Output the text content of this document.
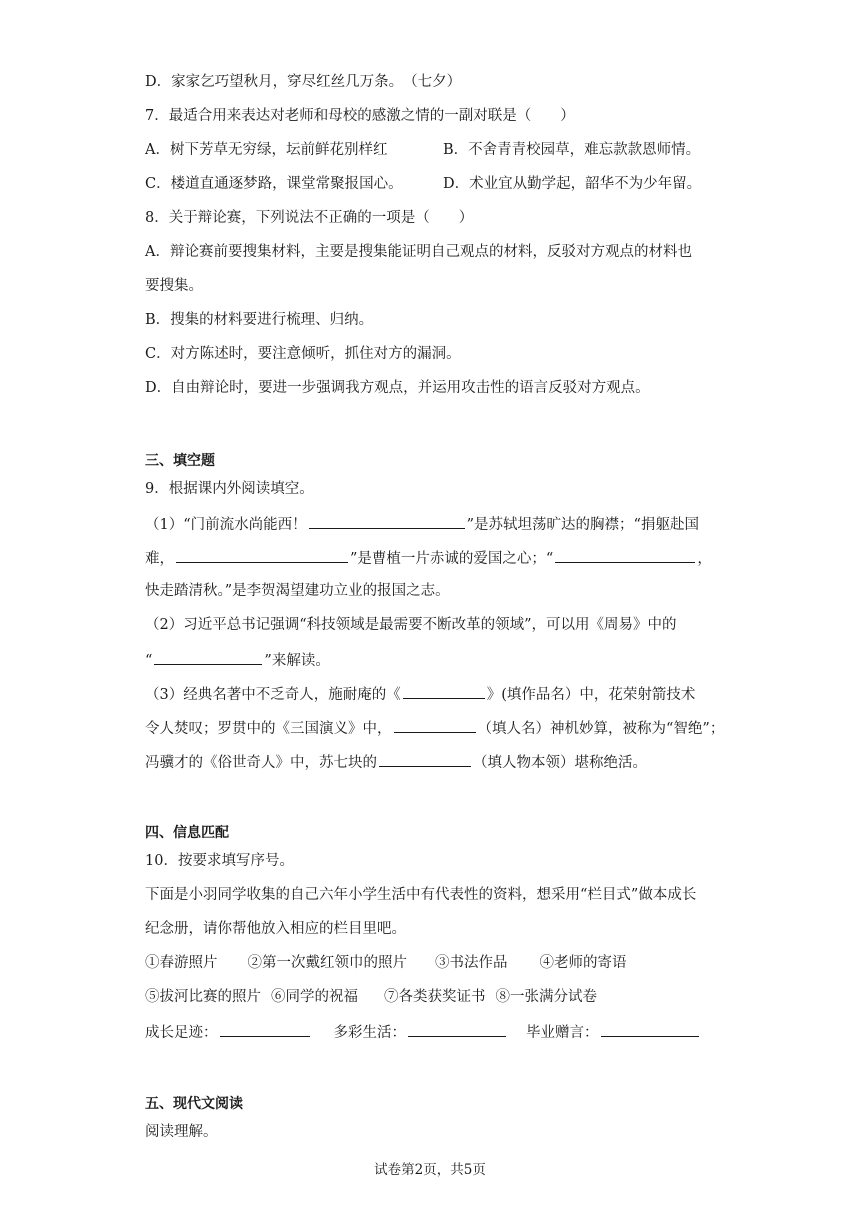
D．家家乞巧望秋月，穿尽红丝几万条。　（七夕）
7．最适合用来表达对老师和母校的感激之情的一副对联是（　　）
A．树下芳草无穷绿，坛前鲜花别样红	B．不舍青青校园草，难忘款款恩师情。
C．楼道直通逐梦路，课堂常聚报国心。	D．术业宜从勤学起，韶华不为少年留。
8．关于辩论赛，下列说法不正确的一项是（　　）
A．辩论赛前要搜集材料，主要是搜集能证明自己观点的材料，反驳对方观点的材料也
要搜集。
B．搜集的材料要进行梳理、归纳。
C．对方陈述时，要注意倾听，抓住对方的漏洞。
D．自由辩论时，要进一步强调我方观点，并运用攻击性的语言反驳对方观点。
三、填空题
9．根据课内外阅读填空。
（1）“门前流水尚能西！	”是苏轼坦荡旷达的胸襟；“捐躯赴国
难，	”是曹植一片赤诚的爱国之心；“	，
快走踏清秋。”是李贺渴望建功立业的报国之志。
（2）习近平总书记强调“科技领域是最需要不断改革的领域”，可以用《周易》中的
“	”来解读。
（3）经典名著中不乏奇人，施耐庵的《	》(填作品名）中，花荣射箭技术
令人焚叹；罗贯中的《三国演义》中，	（填人名）神机妙算，被称为“智绝”；
冯骥才的《俗世奇人》中，苏七块的	（填人物本领）堪称绝活。
四、信息匹配
10．按要求填写序号。
下面是小羽同学收集的自己六年小学生活中有代表性的资料，想采用“栏目式”做本成长
纪念册，请你帮他放入相应的栏目里吧。
①春游照片 ②第一次戴红领巾的照片 ③书法作品 ④老师的寄语
⑤拔河比赛的照片 ⑥同学的祝福 ⑦各类获奖证书 ⑧一张满分试卷
成长足迹：	多彩生活：	毕业赠言：
五、现代文阅读
阅读理解。
试卷第2页，共5页
